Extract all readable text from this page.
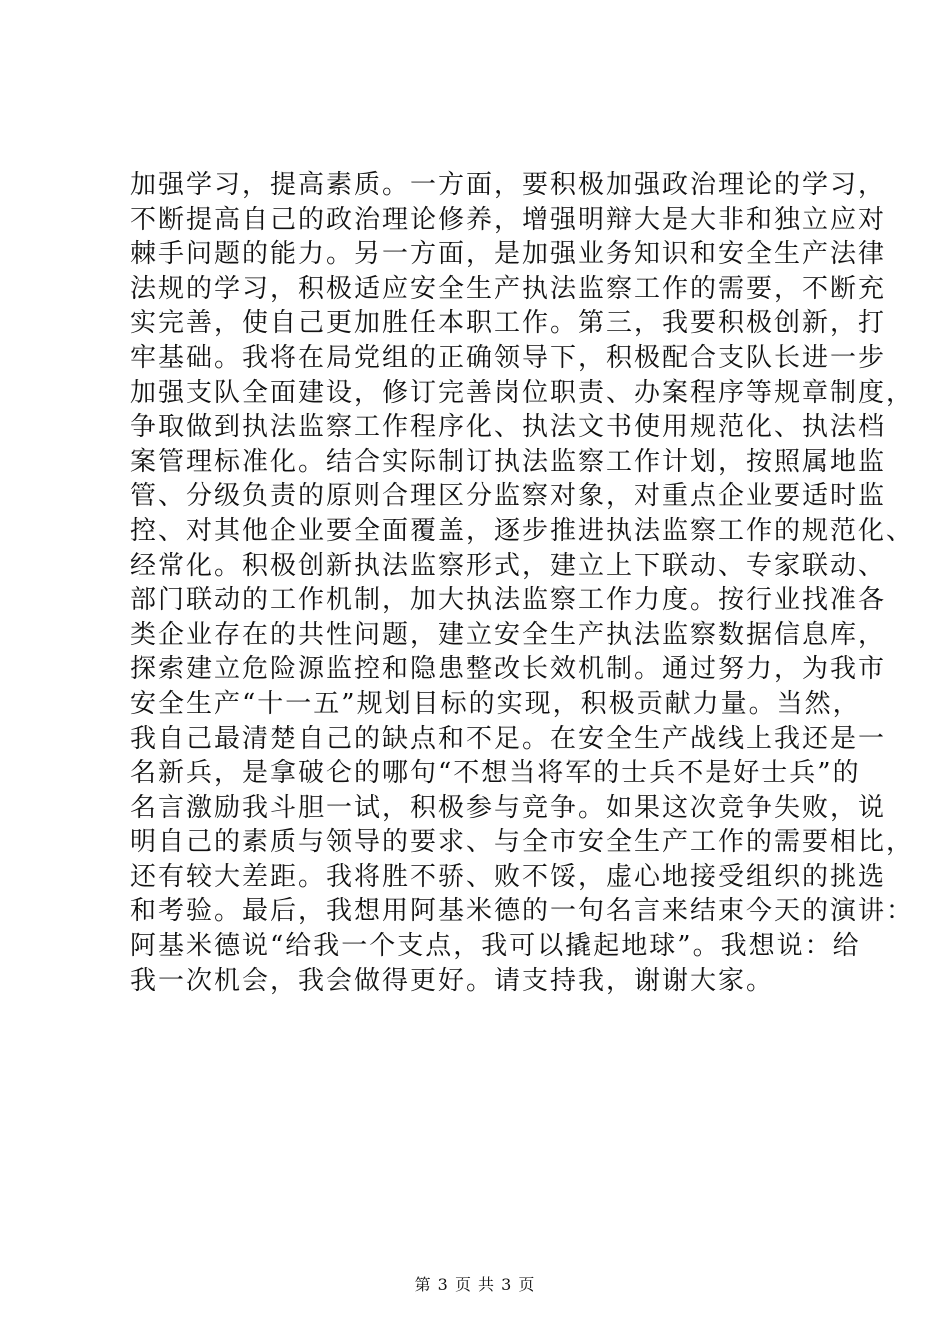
加强学习，提高素质。一方面，要积极加强政治理论的学习，
不断提高自己的政治理论修养，增强明辩大是大非和独立应对
棘手问题的能力。另一方面，是加强业务知识和安全生产法律
法规的学习，积极适应安全生产执法监察工作的需要，不断充
实完善，使自己更加胜任本职工作。第三，我要积极创新，打
牢基础。我将在局党组的正确领导下，积极配合支队长进一步
加强支队全面建设，修订完善岗位职责、办案程序等规章制度，
争取做到执法监察工作程序化、执法文书使用规范化、执法档
案管理标准化。结合实际制订执法监察工作计划，按照属地监
管、分级负责的原则合理区分监察对象，对重点企业要适时监
控、对其他企业要全面覆盖，逐步推进执法监察工作的规范化、
经常化。积极创新执法监察形式，建立上下联动、专家联动、
部门联动的工作机制，加大执法监察工作力度。按行业找准各
类企业存在的共性问题，建立安全生产执法监察数据信息库，
探索建立危险源监控和隐患整改长效机制。通过努力，为我市
安全生产“十一五”规划目标的实现，积极贡献力量。当然，
我自己最清楚自己的缺点和不足。在安全生产战线上我还是一
名新兵，是拿破仑的哪句“不想当将军的士兵不是好士兵”的
名言激励我斗胆一试，积极参与竞争。如果这次竞争失败，说
明自己的素质与领导的要求、与全市安全生产工作的需要相比，
还有较大差距。我将胜不骄、败不馁，虚心地接受组织的挑选
和考验。最后，我想用阿基米德的一句名言来结束今天的演讲：
阿基米德说“给我一个支点，我可以撬起地球”。我想说：给
我一次机会，我会做得更好。请支持我，谢谢大家。

第 3 页 共 3 页
